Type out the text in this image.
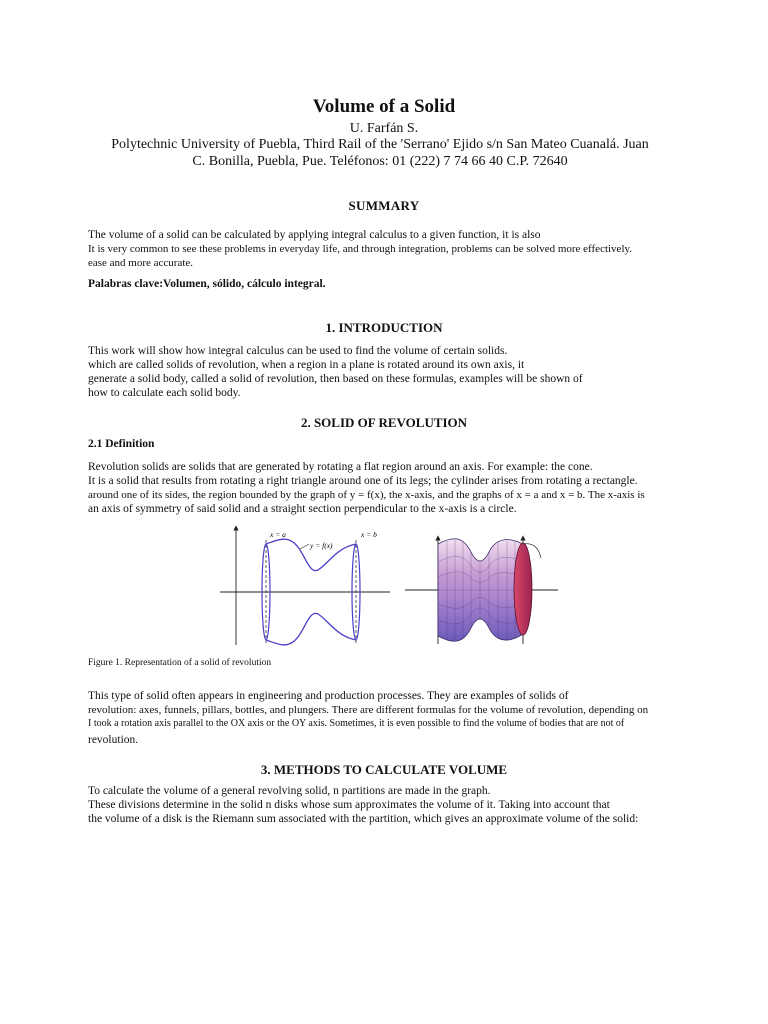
Volume of a Solid
U. Farfán S.
Polytechnic University of Puebla, Third Rail of the 'Serrano' Ejido s/n San Mateo Cuanalá. Juan
C. Bonilla, Puebla, Pue. Teléfonos: 01 (222) 7 74 66 40 C.P. 72640
SUMMARY
The volume of a solid can be calculated by applying integral calculus to a given function, it is also
It is very common to see these problems in everyday life, and through integration, problems can be solved more effectively.
ease and more accurate.
Palabras clave:Volumen, sólido, cálculo integral.
1. INTRODUCTION
This work will show how integral calculus can be used to find the volume of certain solids.
which are called solids of revolution, when a region in a plane is rotated around its own axis, it
generate a solid body, called a solid of revolution, then based on these formulas, examples will be shown of
how to calculate each solid body.
2. SOLID OF REVOLUTION
2.1 Definition
Revolution solids are solids that are generated by rotating a flat region around an axis. For example: the cone.
It is a solid that results from rotating a right triangle around one of its legs; the cylinder arises from rotating a rectangle.
around one of its sides, the region bounded by the graph of y = f(x), the x-axis, and the graphs of x = a and x = b. The x-axis is
an axis of symmetry of said solid and a straight section perpendicular to the x-axis is a circle.
x = a	x = b
y = f(x)
Figure 1. Representation of a solid of revolution
This type of solid often appears in engineering and production processes. They are examples of solids of
revolution: axes, funnels, pillars, bottles, and plungers. There are different formulas for the volume of revolution, depending on
I took a rotation axis parallel to the OX axis or the OY axis. Sometimes, it is even possible to find the volume of bodies that are not of
revolution.
3. METHODS TO CALCULATE VOLUME
To calculate the volume of a general revolving solid, n partitions are made in the graph.
These divisions determine in the solid n disks whose sum approximates the volume of it. Taking into account that
the volume of a disk is the Riemann sum associated with the partition, which gives an approximate volume of the solid:
